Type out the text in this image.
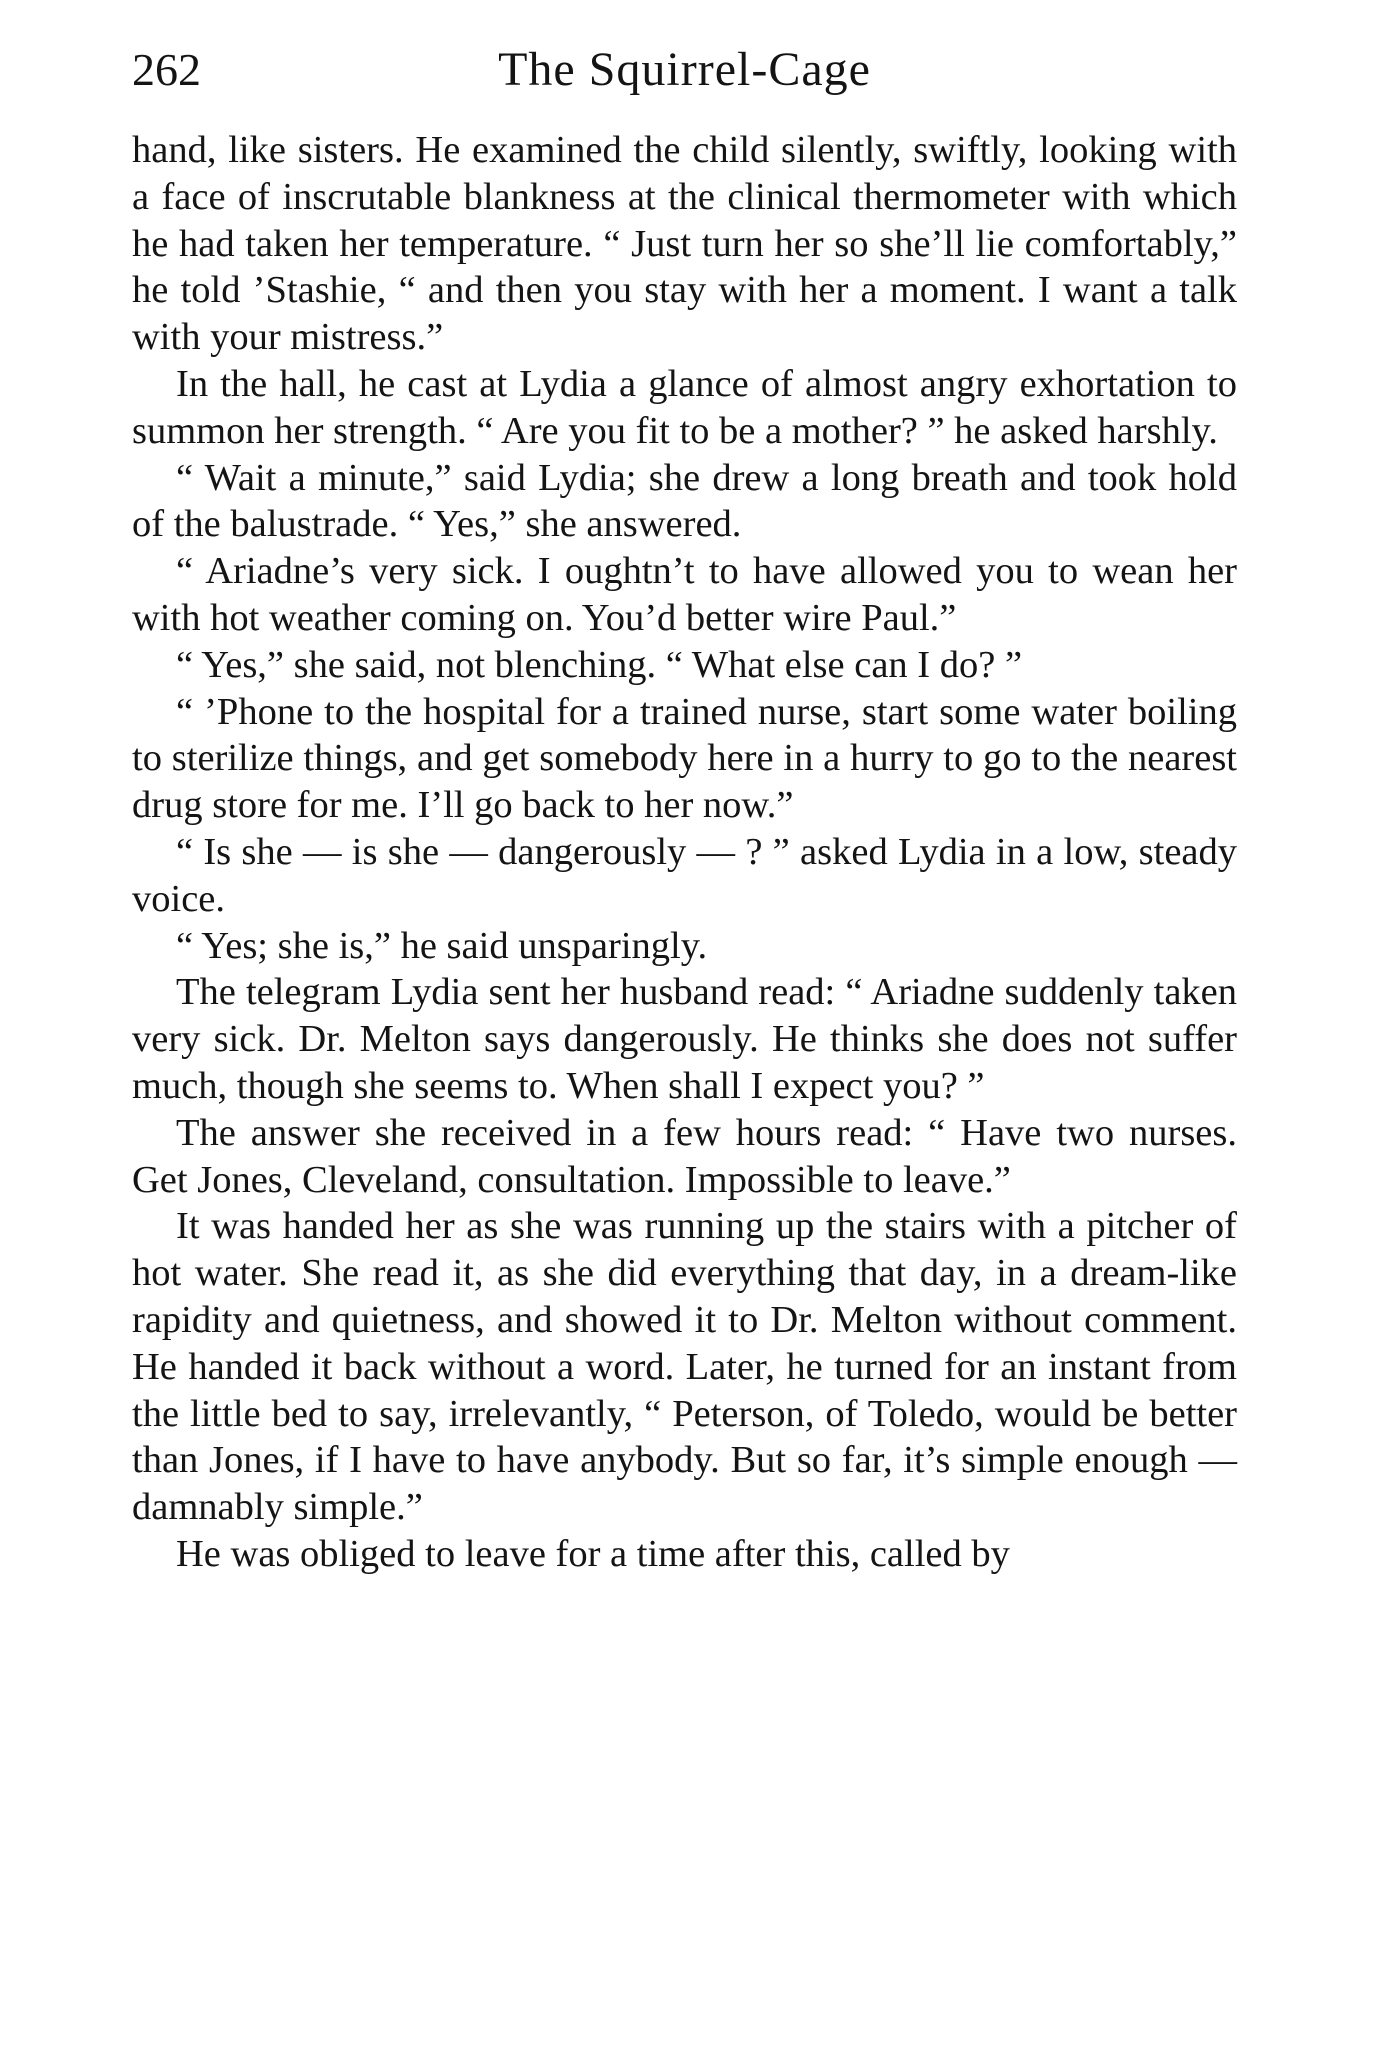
262	The Squirrel-Cage

hand, like sisters. He examined the child silently, swiftly, looking with a face of inscrutable blankness at the clinical thermometer with which he had taken her temperature. “ Just turn her so she’ll lie comfortably,” he told ’Stashie, “ and then you stay with her a moment. I want a talk with your mistress.”

In the hall, he cast at Lydia a glance of almost angry exhortation to summon her strength. “ Are you fit to be a mother? ” he asked harshly.

“ Wait a minute,” said Lydia; she drew a long breath and took hold of the balustrade. “ Yes,” she answered.

“ Ariadne’s very sick. I oughtn’t to have allowed you to wean her with hot weather coming on. You’d better wire Paul.”

“ Yes,” she said, not blenching. “ What else can I do? ”

“ ’Phone to the hospital for a trained nurse, start some water boiling to sterilize things, and get somebody here in a hurry to go to the nearest drug store for me. I’ll go back to her now.”

“ Is she — is she — dangerously — ? ” asked Lydia in a low, steady voice.

“ Yes; she is,” he said unsparingly.

The telegram Lydia sent her husband read: “ Ariadne suddenly taken very sick. Dr. Melton says dangerously. He thinks she does not suffer much, though she seems to. When shall I expect you? ”

The answer she received in a few hours read: “ Have two nurses. Get Jones, Cleveland, consultation. Impossible to leave.”

It was handed her as she was running up the stairs with a pitcher of hot water. She read it, as she did everything that day, in a dream-like rapidity and quietness, and showed it to Dr. Melton without comment. He handed it back without a word. Later, he turned for an instant from the little bed to say, irrelevantly, “ Peterson, of Toledo, would be better than Jones, if I have to have anybody. But so far, it’s simple enough — damnably simple.”

He was obliged to leave for a time after this, called by
